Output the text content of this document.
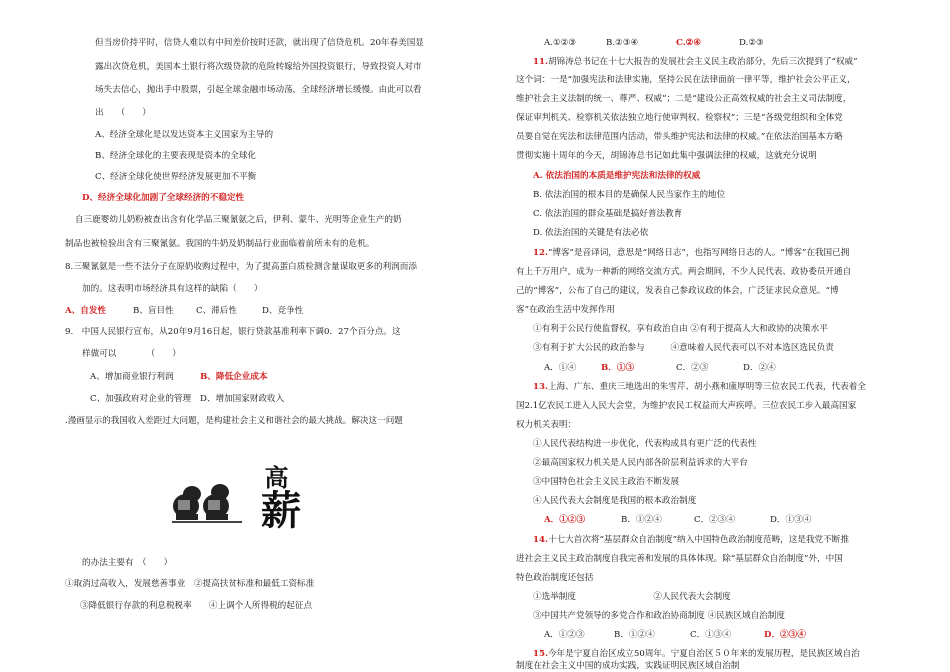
但当房价持平时，信贷人难以有中间差价按时还款，就出现了信贷危机。20年春美国显
露出次贷危机，美国本土银行将次级贷款的危险转嫁给外国投资银行，导致投资人对市
场失去信心，抛出手中股票，引起全球金融市场动荡，全球经济增长缓慢。由此可以看
出　　（　　）
A、经济全球化是以发达资本主义国家为主导的
B、经济全球化的主要表现是资本的全球化
C、经济全球化使世界经济发展更加不平衡
D、经济全球化加剧了全球经济的不稳定性
自三鹿婴幼儿奶粉被查出含有化学品三聚氰氨之后，伊利、蒙牛、光明等企业生产的奶
制品也被检验出含有三聚氰氨。我国的牛奶及奶制品行业面临着前所未有的危机。
8.三聚氰氨是一些不法分子在原奶收购过程中，为了提高蛋白质检测含量谋取更多的利润而添
加的。这表明市场经济具有这样的缺陷（　　）
A、自发性	B、盲目性	C、滞后性	D、竞争性
9.　中国人民银行宣布，从20年9月16日起，银行贷款基准利率下调0．27个百分点。这
样做可以　　　　（　　）
A、增加商业银行利润	B、降低企业成本
C、加强政府对企业的管理 D、增加国家财政收入
.漫画显示的我国收入差距过大问题，是构建社会主义和谐社会的最大挑战。解决这一问题
高
薪
的办法主要有　（　　）
①取消过高收入，发展慈善事业　②提高扶贫标准和最低工资标准
③降低银行存款的利息税税率　　④上调个人所得税的起征点
A.①②③	B.②③④	C.②④	D.②③
11.胡锦涛总书记在十七大报告的发展社会主义民主政治部分，先后三次提到了“权威”
这个词：一是“加强宪法和法律实施，坚持公民在法律面前一律平等，维护社会公平正义，
维护社会主义法制的统一、尊严、权威”；二是“建设公正高效权威的社会主义司法制度，
保证审判机关、检察机关依法独立地行使审判权、检察权”；三是“各级党组织和全体党
员要自觉在宪法和法律范围内活动，带头维护宪法和法律的权威。”在依法治国基本方略
贯彻实施十周年的今天，胡锦涛总书记如此集中强调法律的权威，这就充分说明
A. 依法治国的本质是维护宪法和法律的权威
B. 依法治国的根本目的是确保人民当家作主的地位
C. 依法治国的群众基础是搞好普法教育
D. 依法治国的关键是有法必依
12.“博客”是音译词，意思是“网络日志”，也指写网络日志的人。“博客”在我国已拥
有上千万用户，成为一种新的网络交流方式。两会期间，不少人民代表、政协委员开通自
己的“博客”，公布了自己的建议，发表自己参政议政的体会，广泛征求民众意见。“博
客”在政治生活中发挥作用
①有利于公民行使监督权，享有政治自由 ②有利于提高人大和政协的决策水平
③有利于扩大公民的政治参与　　　④意味着人民代表可以不对本选区选民负责
A．①④	B．①③	C．②③	D．②④
13.上海、广东、重庆三地选出的朱雪芹、胡小燕和康厚明等三位农民工代表，代表着全
国2.1亿农民工进入人民大会堂，为维护农民工权益而大声疾呼。三位农民工步入最高国家
权力机关表明：
①人民代表结构进一步优化，代表构成具有更广泛的代表性
②最高国家权力机关是人民内部各阶层利益诉求的大平台
③中国特色社会主义民主政治不断发展
④人民代表大会制度是我国的根本政治制度
A．①②③	B．①②④	C．②③④	D．①③④
14.十七大首次将“基层群众自治制度”纳入中国特色政治制度范畴，这是我党不断推
进社会主义民主政治制度自我完善和发展的具体体现。除“基层群众自治制度”外，中国
特色政治制度还包括
①选举制度　　　　　　　　　②人民代表大会制度
③中国共产党领导的多党合作和政治协商制度 ④民族区域自治制度
A．①②③	B．①②④	C．①③④	D．②③④
15.今年是宁夏自治区成立50周年。宁夏自治区５０年来的发展历程，是民族区域自治
制度在社会主义中国的成功实践，实践证明民族区域自治制
